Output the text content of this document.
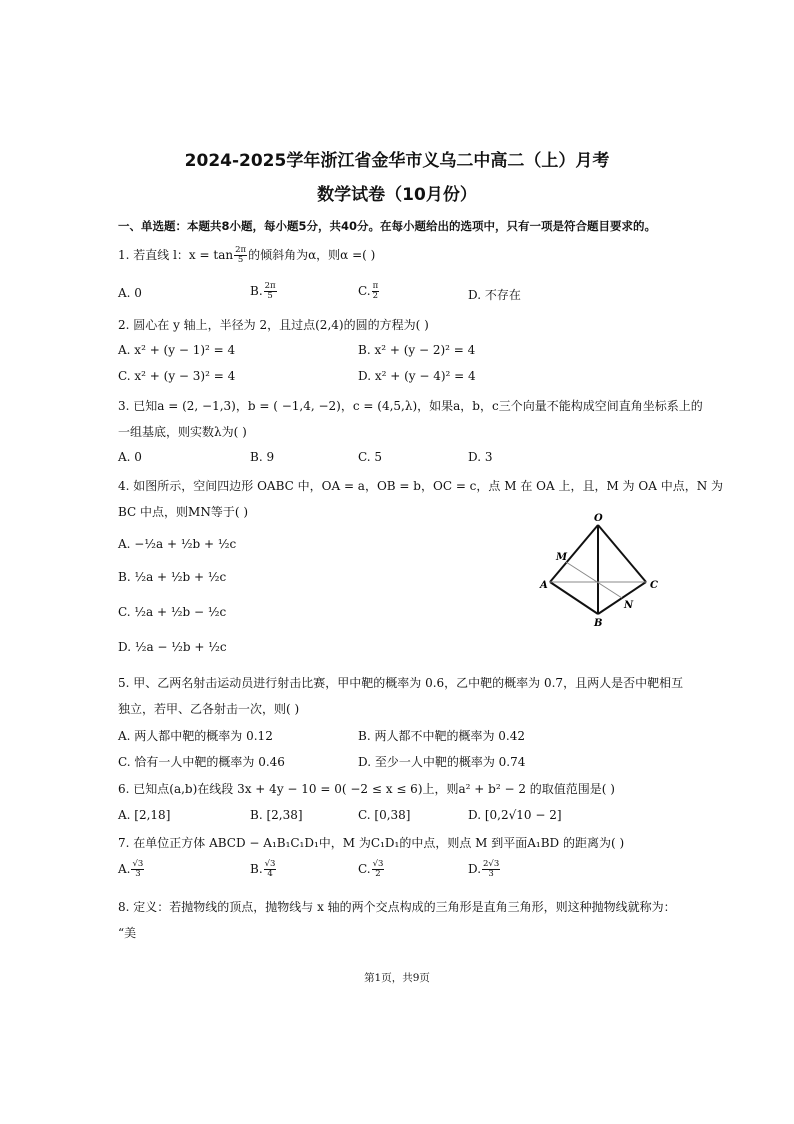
2024-2025学年浙江省金华市义乌二中高二（上）月考
数学试卷（10月份）
一、单选题：本题共8小题，每小题5分，共40分。在每小题给出的选项中，只有一项是符合题目要求的。
1. 若直线 l：$x = \tan \frac{2\pi}{5}$ 的倾斜角为α，则α =( )
A. 0	B. $\frac{2\pi}{5}$	C. $\frac{\pi}{2}$	D. 不存在
2. 圆心在 y 轴上，半径为 2，且过点(2,4)的圆的方程为( )
A. x² + (y − 1)² = 4	B. x² + (y − 2)² = 4
C. x² + (y − 3)² = 4	D. x² + (y − 4)² = 4
3. 已知a = (2, −1,3)，b = ( −1,4, −2)，c = (4,5,λ)，如果a，b，c三个向量不能构成空间直角坐标系上的
一组基底，则实数λ为( )
A. 0	B. 9	C. 5	D. 3
4. 如图所示，空间四边形 OABC 中，OA = a，OB = b，OC = c，点 M 在 OA 上，且，M 为 OA 中点，N 为
BC 中点，则MN等于( )
A. −½a + ½b + ½c
B. ½a + ½b + ½c
C. ½a + ½b − ½c
D. ½a − ½b + ½c
O
M
A
B
C
N
5. 甲、乙两名射击运动员进行射击比赛，甲中靶的概率为 0.6，乙中靶的概率为 0.7，且两人是否中靶相互
独立，若甲、乙各射击一次，则( )
A. 两人都中靶的概率为 0.12	B. 两人都不中靶的概率为 0.42
C. 恰有一人中靶的概率为 0.46	D. 至少一人中靶的概率为 0.74
6. 已知点(a,b)在线段 3x + 4y − 10 = 0( −2 ≤ x ≤ 6)上，则a² + b² − 2 的取值范围是( )
A. [2,18]	B. [2,38]	C. [0,38]	D. [0,2√10 − 2]
7. 在单位正方体 ABCD − A₁B₁C₁D₁中，M 为C₁D₁的中点，则点 M 到平面A₁BD 的距离为( )
A. $\frac{√3}{3}$	B. $\frac{√3}{4}$	C. $\frac{√3}{2}$	D. $\frac{2√3}{3}$
8. 定义：若抛物线的顶点，抛物线与 x 轴的两个交点构成的三角形是直角三角形，则这种抛物线就称为：
“美
第1页，共9页
